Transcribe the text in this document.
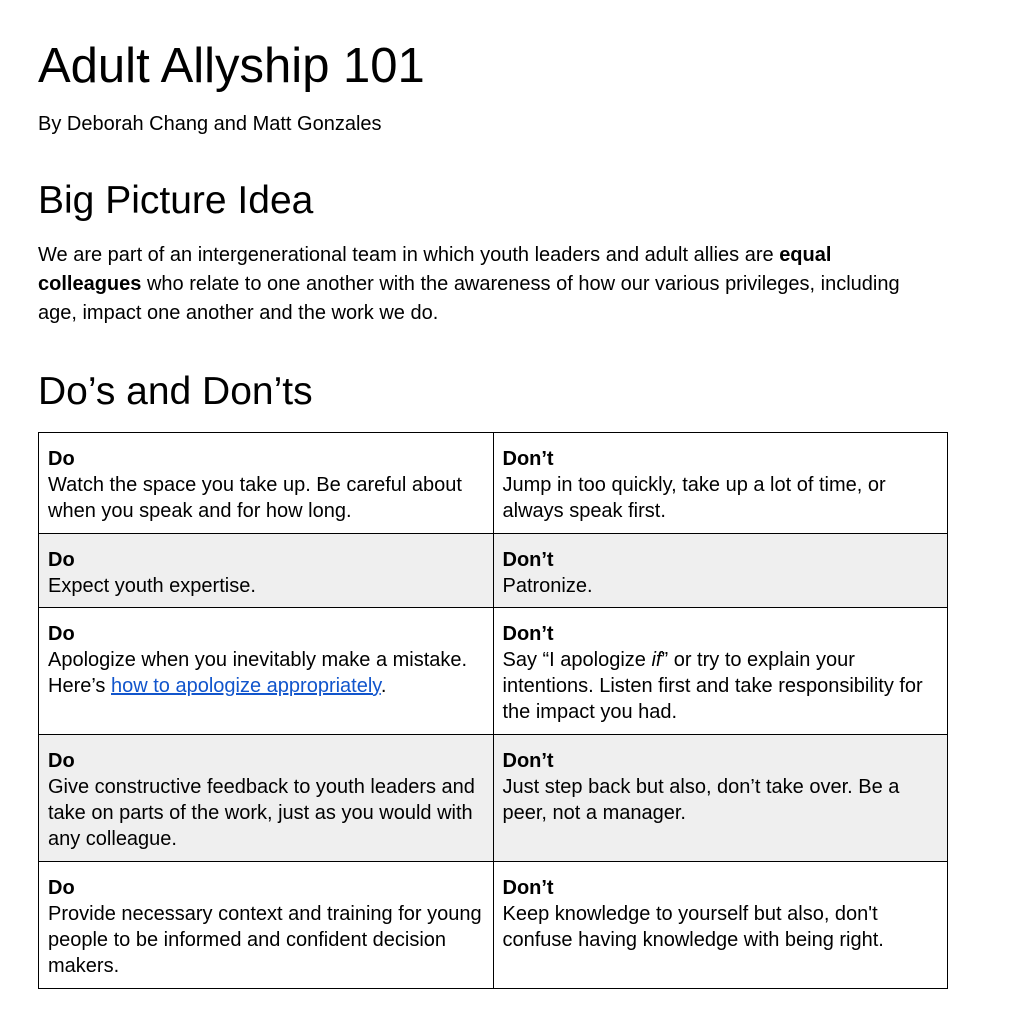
Adult Allyship 101

By Deborah Chang and Matt Gonzales

Big Picture Idea

We are part of an intergenerational team in which youth leaders and adult allies are equal colleagues who relate to one another with the awareness of how our various privileges, including age, impact one another and the work we do.

Do’s and Don’ts
Do
Watch the space you take up. Be careful about when you speak and for how long.	Don’t
Jump in too quickly, take up a lot of time, or always speak first.

Do
Expect youth expertise.	Don’t
Patronize.

Do
Apologize when you inevitably make a mistake. Here’s how to apologize appropriately.	Don’t
Say “I apologize if” or try to explain your intentions. Listen first and take responsibility for the impact you had.

Do
Give constructive feedback to youth leaders and take on parts of the work, just as you would with any colleague.	Don’t
Just step back but also, don’t take over. Be a peer, not a manager.

Do
Provide necessary context and training for young people to be informed and confident decision makers.	Don’t
Keep knowledge to yourself but also, don't confuse having knowledge with being right.
